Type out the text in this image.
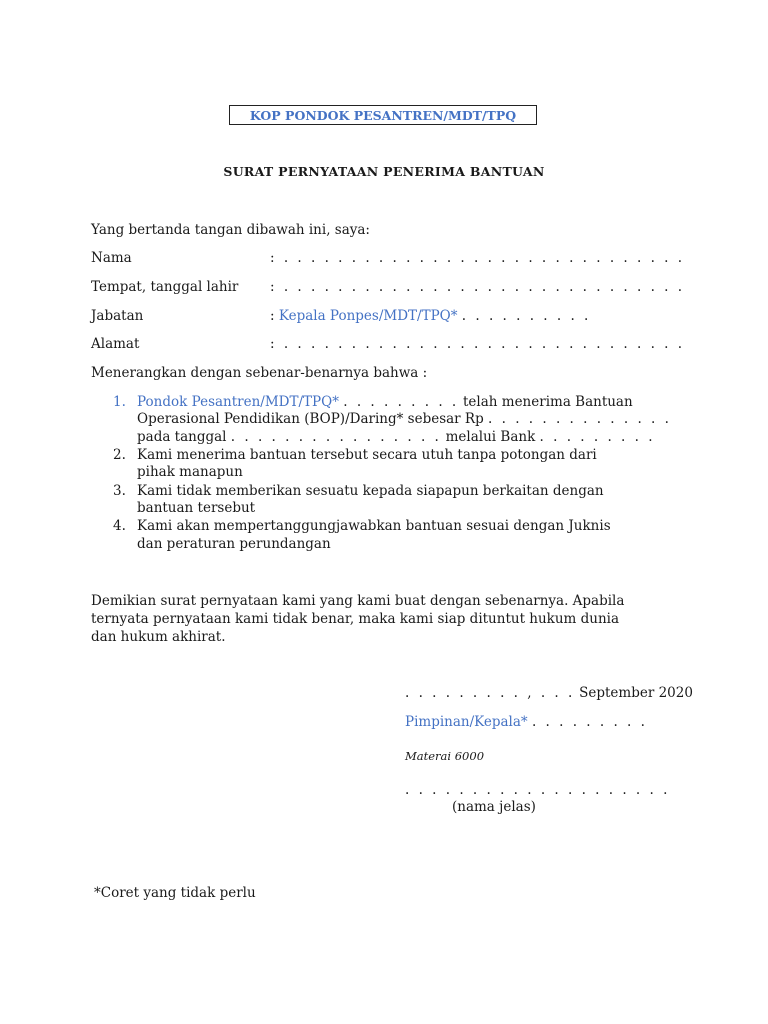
KOP PONDOK PESANTREN/MDT/TPQ
SURAT PERNYATAAN PENERIMA BANTUAN
Yang bertanda tangan dibawah ini, saya:
Nama	: . . . . . . . . . . . . . . . . . . . . . . . . . . . . . .
Tempat, tanggal lahir : . . . . . . . . . . . . . . . . . . . . . . . . . . . . . .
Jabatan	: Kepala Ponpes/MDT/TPQ* . . . . . . . . . .
Alamat	: . . . . . . . . . . . . . . . . . . . . . . . . . . . . . .
Menerangkan dengan sebenar-benarnya bahwa :
1. Pondok Pesantren/MDT/TPQ* . . . . . . . . . telah menerima Bantuan
Operasional Pendidikan (BOP)/Daring* sebesar Rp . . . . . . . . . . . . . .
pada tanggal . . . . . . . . . . . . . . . . melalui Bank . . . . . . . . .
2. Kami menerima bantuan tersebut secara utuh tanpa potongan dari
pihak manapun
3. Kami tidak memberikan sesuatu kepada siapapun berkaitan dengan
bantuan tersebut
4. Kami akan mempertanggungjawabkan bantuan sesuai dengan Juknis
dan peraturan perundangan
Demikian surat pernyataan kami yang kami buat dengan sebenarnya. Apabila
ternyata pernyataan kami tidak benar, maka kami siap dituntut hukum dunia
dan hukum akhirat.
. . . . . . . . . , . . . September 2020
Pimpinan/Kepala* . . . . . . . . .
Materai 6000
. . . . . . . . . . . . . . . . . . . .
(nama jelas)
*Coret yang tidak perlu
